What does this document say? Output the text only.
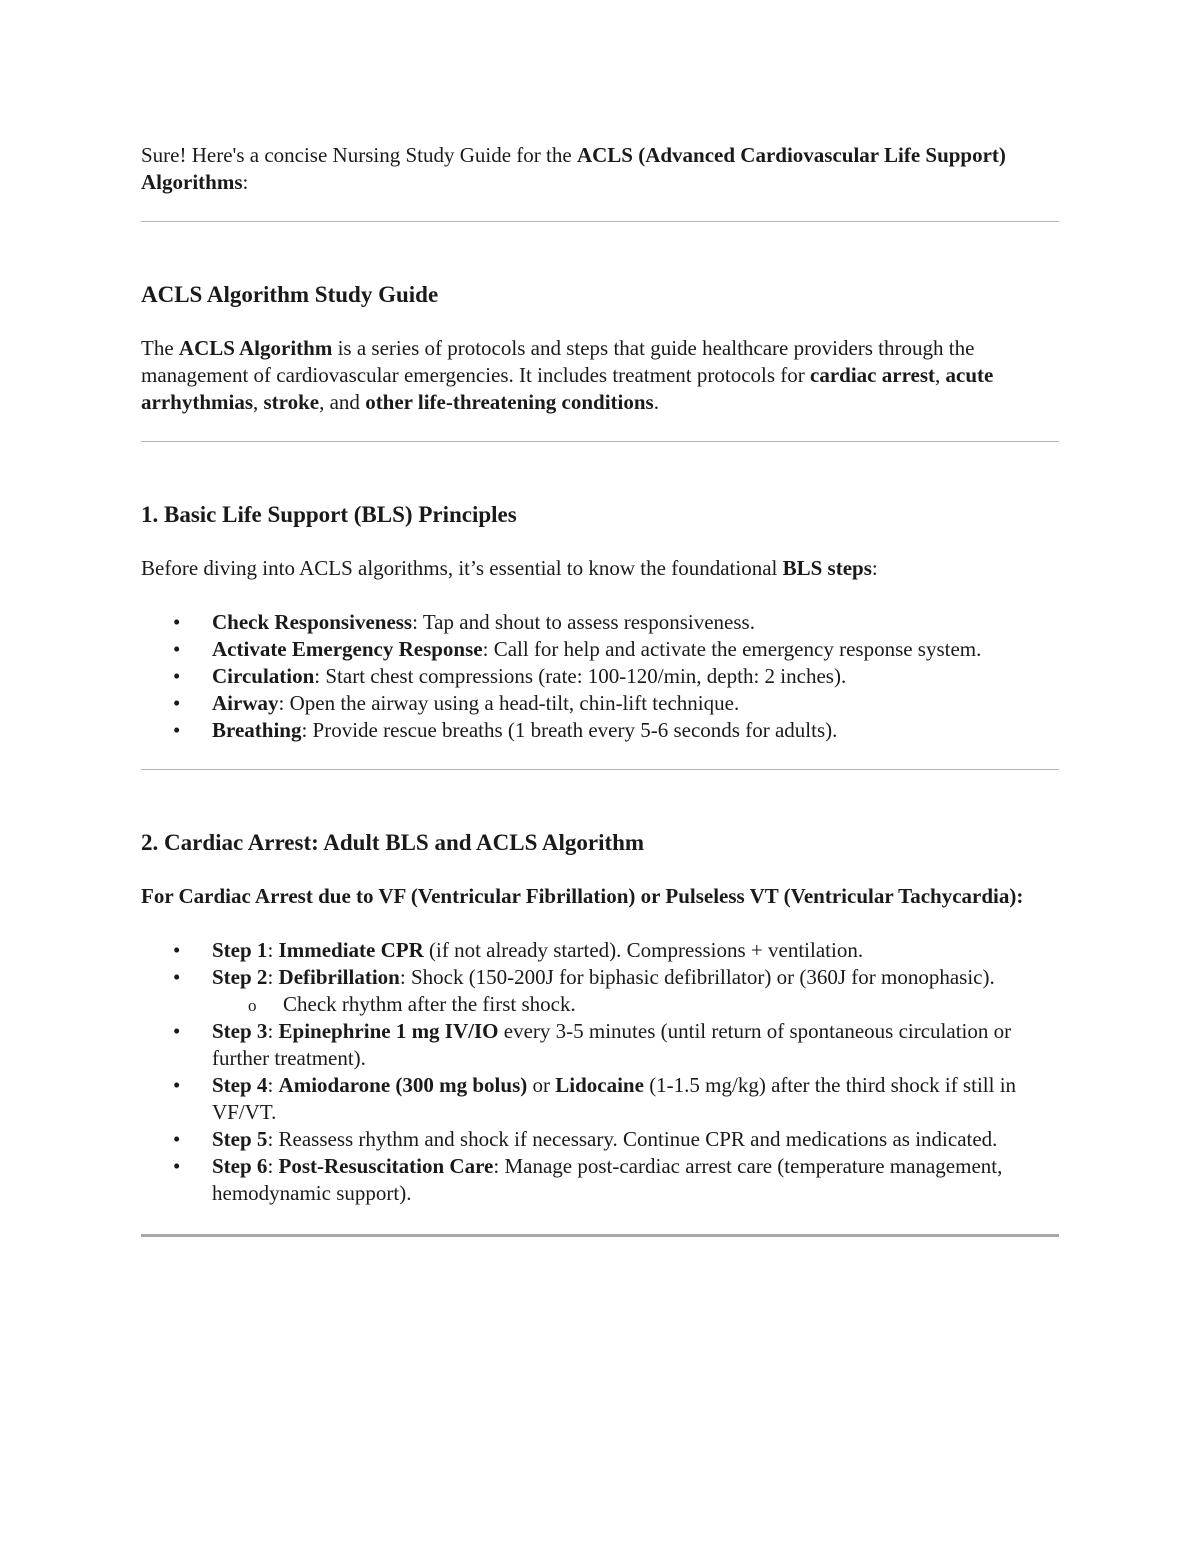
Sure! Here's a concise Nursing Study Guide for the ACLS (Advanced Cardiovascular Life Support) Algorithms:

ACLS Algorithm Study Guide

The ACLS Algorithm is a series of protocols and steps that guide healthcare providers through the management of cardiovascular emergencies. It includes treatment protocols for cardiac arrest, acute arrhythmias, stroke, and other life-threatening conditions.

1. Basic Life Support (BLS) Principles

Before diving into ACLS algorithms, it’s essential to know the foundational BLS steps:

• Check Responsiveness: Tap and shout to assess responsiveness.
• Activate Emergency Response: Call for help and activate the emergency response system.
• Circulation: Start chest compressions (rate: 100-120/min, depth: 2 inches).
• Airway: Open the airway using a head-tilt, chin-lift technique.
• Breathing: Provide rescue breaths (1 breath every 5-6 seconds for adults).
2. Cardiac Arrest: Adult BLS and ACLS Algorithm

For Cardiac Arrest due to VF (Ventricular Fibrillation) or Pulseless VT (Ventricular Tachycardia):

• Step 1: Immediate CPR (if not already started). Compressions + ventilation.
• Step 2: Defibrillation: Shock (150-200J for biphasic defibrillator) or (360J for monophasic).
o Check rhythm after the first shock.
• Step 3: Epinephrine 1 mg IV/IO every 3-5 minutes (until return of spontaneous circulation or further treatment).
• Step 4: Amiodarone (300 mg bolus) or Lidocaine (1-1.5 mg/kg) after the third shock if still in VF/VT.
• Step 5: Reassess rhythm and shock if necessary. Continue CPR and medications as indicated.
• Step 6: Post-Resuscitation Care: Manage post-cardiac arrest care (temperature management, hemodynamic support).
